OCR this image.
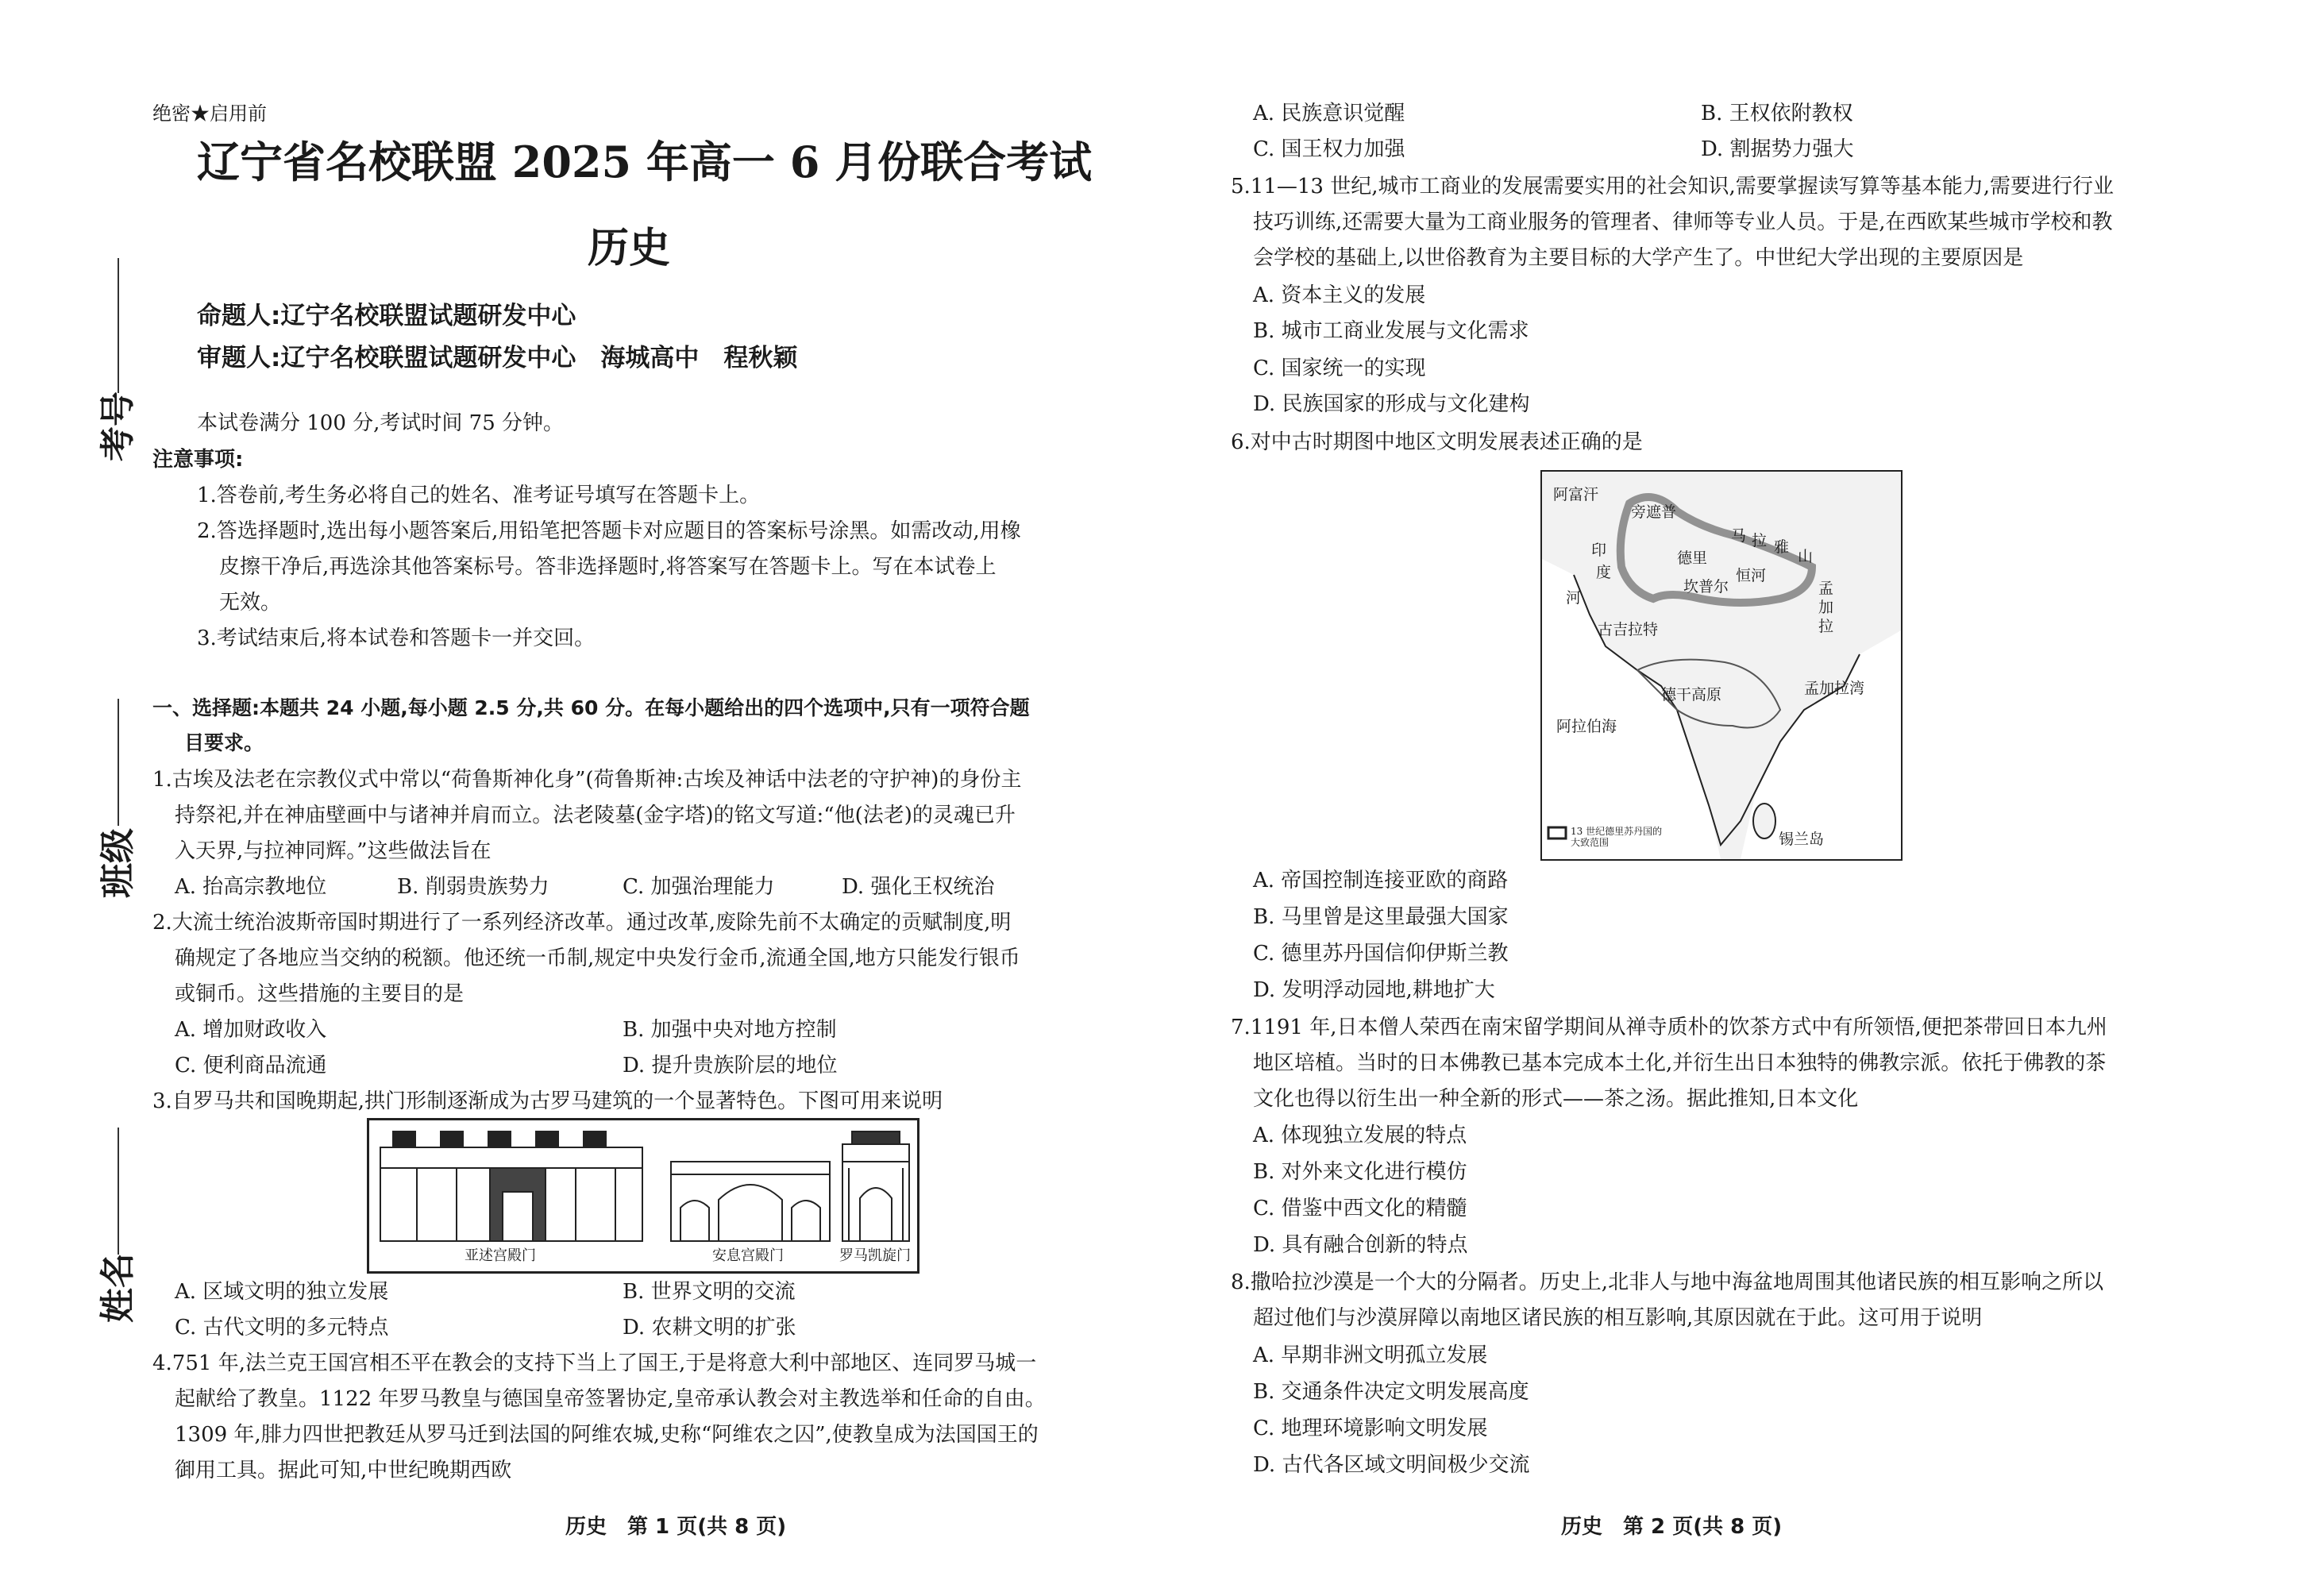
考号
班级
姓名
绝密★启用前
辽宁省名校联盟 2025 年高一 6 月份联合考试
历史
命题人:辽宁名校联盟试题研发中心
审题人:辽宁名校联盟试题研发中心　海城高中　程秋颖
本试卷满分 100 分,考试时间 75 分钟。
注意事项:
1.答卷前,考生务必将自己的姓名、准考证号填写在答题卡上。
2.答选择题时,选出每小题答案后,用铅笔把答题卡对应题目的答案标号涂黑。如需改动,用橡
皮擦干净后,再选涂其他答案标号。答非选择题时,将答案写在答题卡上。写在本试卷上
无效。
3.考试结束后,将本试卷和答题卡一并交回。
一、选择题:本题共 24 小题,每小题 2.5 分,共 60 分。在每小题给出的四个选项中,只有一项符合题
目要求。
1.古埃及法老在宗教仪式中常以“荷鲁斯神化身”(荷鲁斯神:古埃及神话中法老的守护神)的身份主
持祭祀,并在神庙壁画中与诸神并肩而立。法老陵墓(金字塔)的铭文写道:“他(法老)的灵魂已升
入天界,与拉神同辉。”这些做法旨在
A. 抬高宗教地位	B. 削弱贵族势力	C. 加强治理能力	D. 强化王权统治
2.大流士统治波斯帝国时期进行了一系列经济改革。通过改革,废除先前不太确定的贡赋制度,明
确规定了各地应当交纳的税额。他还统一币制,规定中央发行金币,流通全国,地方只能发行银币
或铜币。这些措施的主要目的是
A. 增加财政收入	B. 加强中央对地方控制
C. 便利商品流通	D. 提升贵族阶层的地位
3.自罗马共和国晚期起,拱门形制逐渐成为古罗马建筑的一个显著特色。下图可用来说明
亚述宫殿门	安息宫殿门	罗马凯旋门
A. 区域文明的独立发展	B. 世界文明的交流
C. 古代文明的多元特点	D. 农耕文明的扩张
4.751 年,法兰克王国宫相丕平在教会的支持下当上了国王,于是将意大利中部地区、连同罗马城一
起献给了教皇。1122 年罗马教皇与德国皇帝签署协定,皇帝承认教会对主教选举和任命的自由。
1309 年,腓力四世把教廷从罗马迁到法国的阿维农城,史称“阿维农之囚”,使教皇成为法国国王的
御用工具。据此可知,中世纪晚期西欧
历史　第 1 页(共 8 页)
A. 民族意识觉醒	B. 王权依附教权
C. 国王权力加强	D. 割据势力强大
5.11—13 世纪,城市工商业的发展需要实用的社会知识,需要掌握读写算等基本能力,需要进行行业
技巧训练,还需要大量为工商业服务的管理者、律师等专业人员。于是,在西欧某些城市学校和教
会学校的基础上,以世俗教育为主要目标的大学产生了。中世纪大学出现的主要原因是
A. 资本主义的发展
B. 城市工商业发展与文化需求
C. 国家统一的实现
D. 民族国家的形成与文化建构
6.对中古时期图中地区文明发展表述正确的是
阿富汗
印
度
河
旁遮普
德里
马 拉 雅
山
恒河
坎普尔
古吉拉特
孟
加
拉
德干高原	孟加拉湾
阿拉伯海
锡兰岛
13 世纪德里苏丹国的大致范围
A. 帝国控制连接亚欧的商路
B. 马里曾是这里最强大国家
C. 德里苏丹国信仰伊斯兰教
D. 发明浮动园地,耕地扩大
7.1191 年,日本僧人荣西在南宋留学期间从禅寺质朴的饮茶方式中有所领悟,便把茶带回日本九州
地区培植。当时的日本佛教已基本完成本土化,并衍生出日本独特的佛教宗派。依托于佛教的茶
文化也得以衍生出一种全新的形式——茶之汤。据此推知,日本文化
A. 体现独立发展的特点
B. 对外来文化进行模仿
C. 借鉴中西文化的精髓
D. 具有融合创新的特点
8.撒哈拉沙漠是一个大的分隔者。历史上,北非人与地中海盆地周围其他诸民族的相互影响之所以
超过他们与沙漠屏障以南地区诸民族的相互影响,其原因就在于此。这可用于说明
A. 早期非洲文明孤立发展
B. 交通条件决定文明发展高度
C. 地理环境影响文明发展
D. 古代各区域文明间极少交流
历史　第 2 页(共 8 页)
